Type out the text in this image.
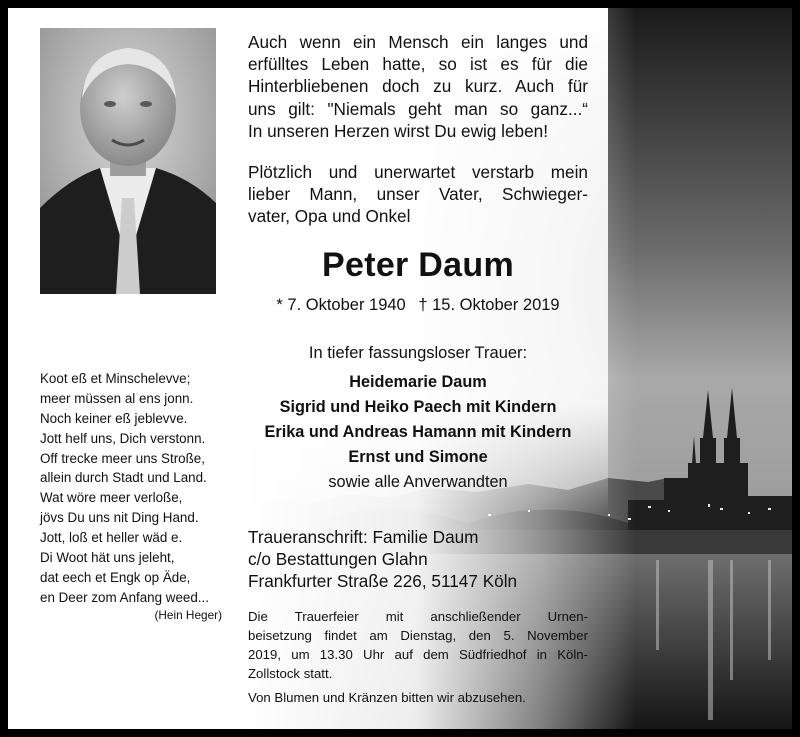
Auch wenn ein Mensch ein langes und
erfülltes Leben hatte, so ist es für die
Hinterbliebenen doch zu kurz. Auch für
uns gilt: "Niemals geht man so ganz...“
In unseren Herzen wirst Du ewig leben!
Plötzlich und unerwartet verstarb mein
lieber Mann, unser Vater, Schwieger-
vater, Opa und Onkel
Peter Daum
* 7. Oktober 1940 † 15. Oktober 2019
In tiefer fassungsloser Trauer:
Heidemarie Daum
Sigrid und Heiko Paech mit Kindern
Erika und Andreas Hamann mit Kindern
Ernst und Simone
sowie alle Anverwandten
Traueranschrift: Familie Daum
c/o Bestattungen Glahn
Frankfurter Straße 226, 51147 Köln
Die Trauerfeier mit anschließender Urnen-
beisetzung findet am Dienstag, den 5. November
2019, um 13.30 Uhr auf dem Südfriedhof in Köln-
Zollstock statt.
Von Blumen und Kränzen bitten wir abzusehen.
Koot eß et Minschelevve;
meer müssen al ens jonn.
Noch keiner eß jeblevve.
Jott helf uns, Dich verstonn.
Off trecke meer uns Stroße,
allein durch Stadt und Land.
Wat wöre meer verloße,
jövs Du uns nit Ding Hand.
Jott, loß et heller wäd e.
Di Woot hät uns jeleht,
dat eech et Engk op Äde,
en Deer zom Anfang weed...
(Hein Heger)
